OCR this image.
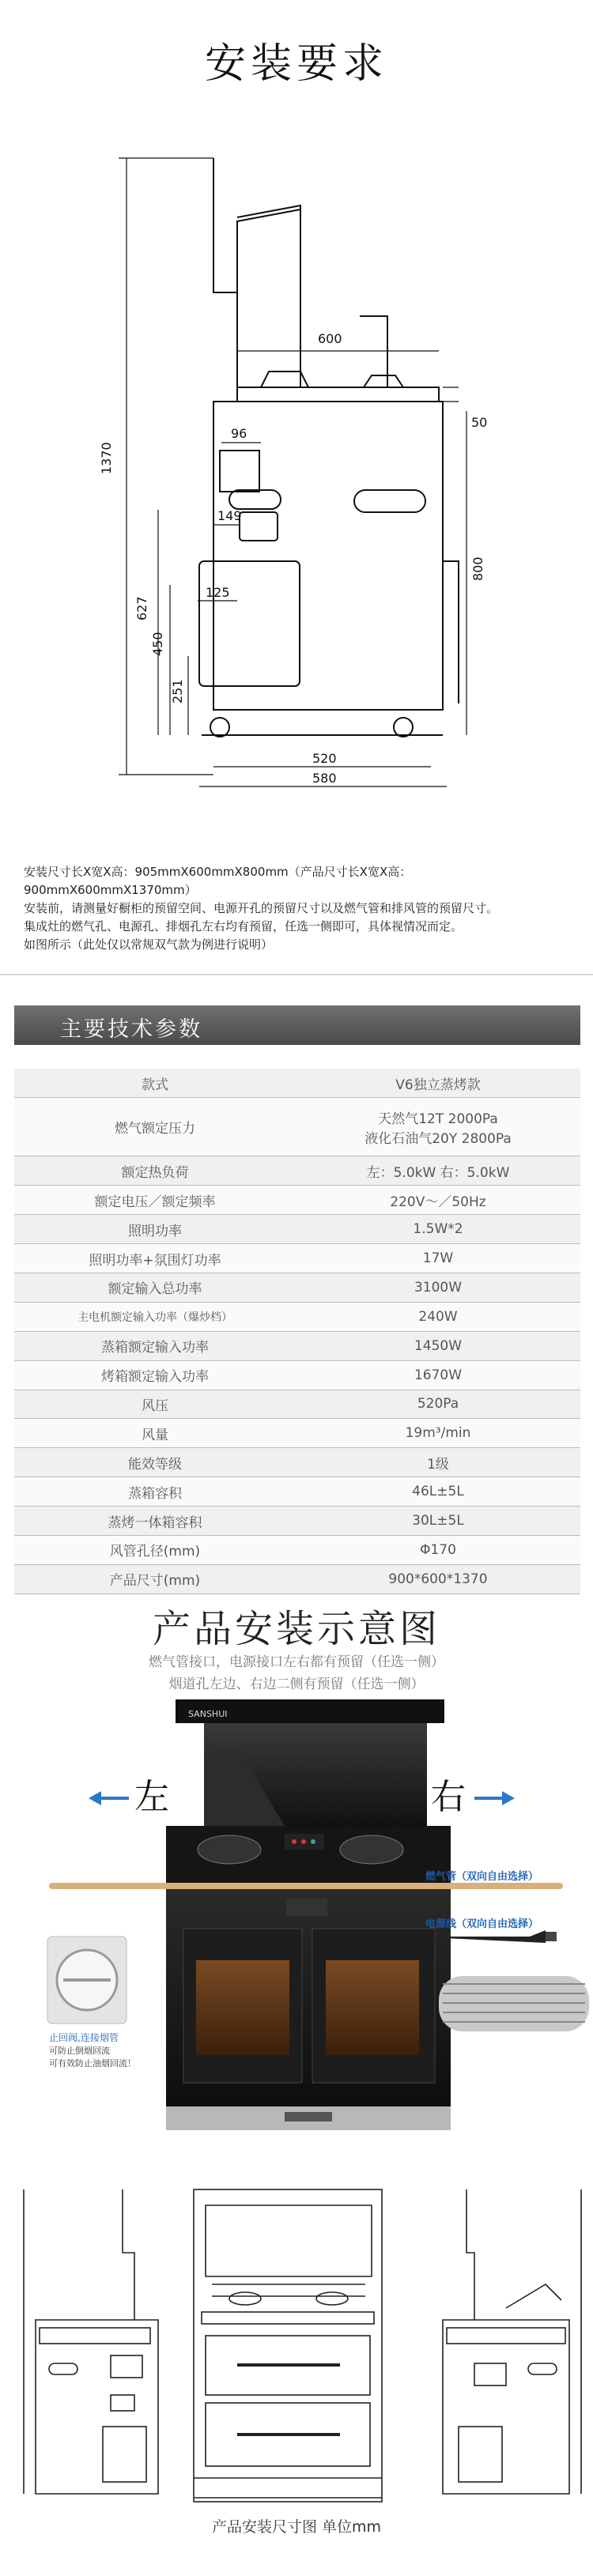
安装要求
600
50
1370
800
96
149
125
627
450
251
520
580
安装尺寸长X宽X高：905mmX600mmX800mm（产品尺寸长X宽X高：900mmX600mmX1370mm）
安装前，请测量好橱柜的预留空间、电源开孔的预留尺寸以及燃气管和排风管的预留尺寸。
集成灶的燃气孔、电源孔、排烟孔左右均有预留，任选一侧即可，具体视情况而定。
如图所示（此处仅以常规双气款为例进行说明）
主要技术参数
款式	V6独立蒸烤款
燃气额定压力	天然气12T 2000Pa
液化石油气20Y 2800Pa

额定热负荷	左：5.0kW 右：5.0kW
额定电压／额定频率	220V～／50Hz
照明功率	1.5W*2
照明功率+氛围灯功率	17W
额定输入总功率	3100W
主电机额定输入功率（爆炒档）	240W
蒸箱额定输入功率	1450W
烤箱额定输入功率	1670W
风压	520Pa
风量	19m³/min
能效等级	1级
蒸箱容积	46L±5L
蒸烤一体箱容积	30L±5L
风管孔径(mm)	Φ170
产品尺寸(mm)	900*600*1370
产品安装示意图
燃气管接口，电源接口左右都有预留（任选一侧）
烟道孔左边、右边二侧有预留（任选一侧）
SANSHUI
左	右
燃气管（双向自由选择）
电源线（双向自由选择）
止回阀,连接烟管
可防止倒烟回流
可有效防止油烟回流！
产品安装尺寸图 单位mm
